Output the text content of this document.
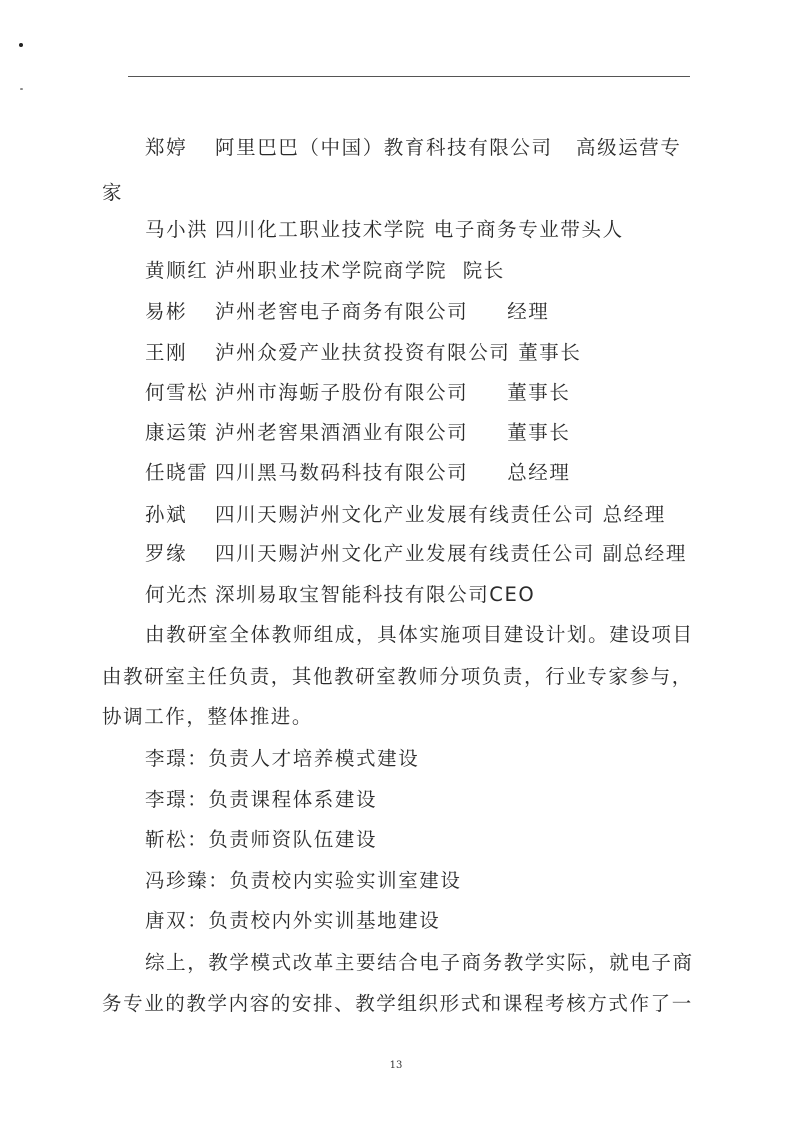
郑婷 阿里巴巴（中国）教育科技有限公司   高级运营专
家
马小洪 四川化工职业技术学院 电子商务专业带头人
黄顺红 泸州职业技术学院商学院  院长
易彬 泸州老窖电子商务有限公司     经理
王刚 泸州众爱产业扶贫投资有限公司 董事长
何雪松 泸州市海蛎子股份有限公司     董事长
康运策 泸州老窖果酒酒业有限公司     董事长
任晓雷 四川黑马数码科技有限公司     总经理
孙斌 四川天赐泸州文化产业发展有线责任公司 总经理
罗缘 四川天赐泸州文化产业发展有线责任公司 副总经理
何光杰 深圳易取宝智能科技有限公司CEO
由教研室全体教师组成，具体实施项目建设计划。建设项目
由教研室主任负责，其他教研室教师分项负责，行业专家参与，
协调工作，整体推进。
李璟：负责人才培养模式建设
李璟：负责课程体系建设
靳松：负责师资队伍建设
冯珍臻：负责校内实验实训室建设
唐双：负责校内外实训基地建设
综上，教学模式改革主要结合电子商务教学实际，就电子商
务专业的教学内容的安排、教学组织形式和课程考核方式作了一
13
